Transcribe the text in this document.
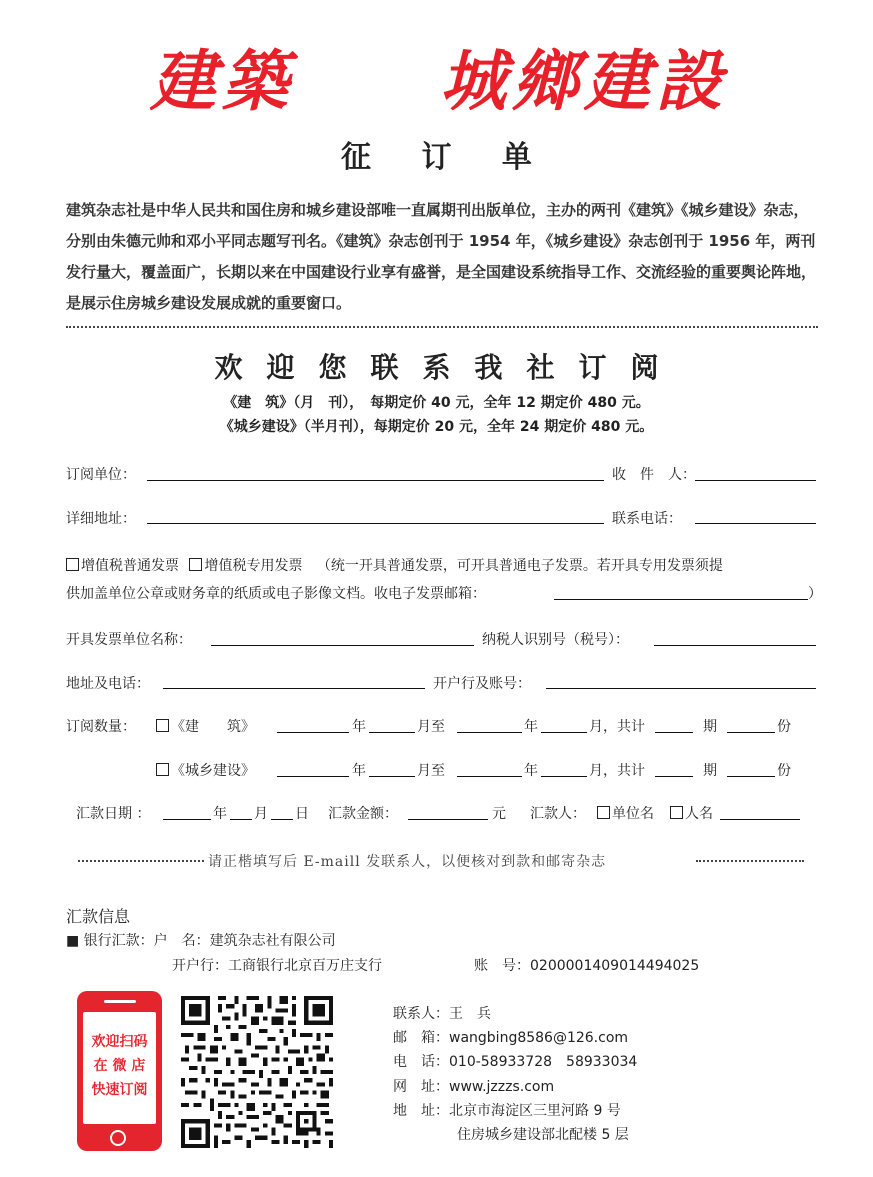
建築 城鄉建設
征 订 单
建筑杂志社是中华人民共和国住房和城乡建设部唯一直属期刊出版单位，主办的两刊《建筑》《城乡建设》杂志，分别由朱德元帅和邓小平同志题写刊名。《建筑》杂志创刊于 1954 年，《城乡建设》杂志创刊于 1956 年，两刊发行量大，覆盖面广，长期以来在中国建设行业享有盛誉，是全国建设系统指导工作、交流经验的重要舆论阵地，是展示住房城乡建设发展成就的重要窗口。
欢迎您联系我社订阅
《建　筑》（月　刊），　每期定价 40 元，全年 12 期定价 480 元。
《城乡建设》（半月刊），每期定价 20 元，全年 24 期定价 480 元。
订阅单位：	收　件　人：
详细地址：	联系电话：
增值税普通发票 增值税专用发票 （统一开具普通发票，可开具普通电子发票。若开具专用发票须提
供加盖单位公章或财务章的纸质或电子影像文档。收电子发票邮箱：	）
开具发票单位名称：	纳税人识别号（税号）：
地址及电话：	开户行及账号：
订阅数量：	《建　　筑》	年	月至	年	月，共计	期	份
《城乡建设》	年	月至	年	月，共计	期	份
汇款日期 ：	年 月 日 汇款金额：	元 汇款人：	单位名	人名
请正楷填写后 E-maill 发联系人，以便核对到款和邮寄杂志
汇款信息
■ 银行汇款：户　名：建筑杂志社有限公司
开户行：工商银行北京百万庄支行	账　号：0200001409014494025
欢迎扫码
在 微 店
快速订阅
联系人：王　兵
邮　箱：wangbing8586@126.com
电　话：010-58933728　58933034
网　址：www.jzzzs.com
地　址：北京市海淀区三里河路 9 号
住房城乡建设部北配楼 5 层
